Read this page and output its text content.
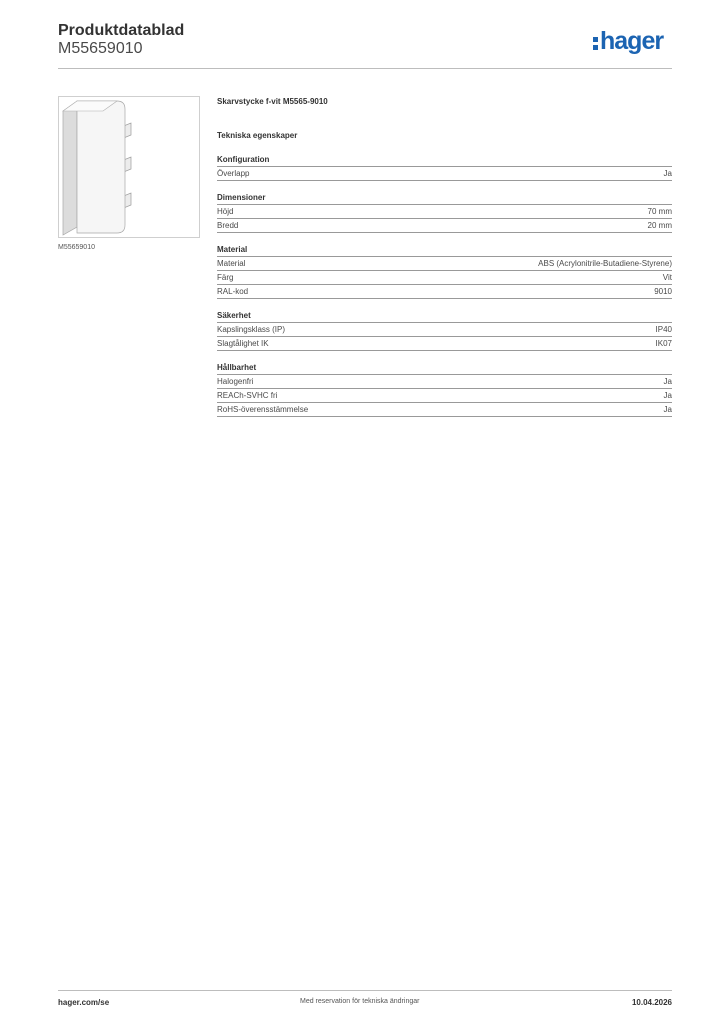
Produktdatablad
M55659010	hager
M55659010
Skarvstycke f-vit M5565-9010
Tekniska egenskaper
Konfiguration
Överlapp	Ja
Dimensioner
Höjd	70 mm
Bredd	20 mm
Material
Material	ABS (Acrylonitrile-Butadiene-Styrene)
Färg	Vit
RAL-kod	9010
Säkerhet
Kapslingsklass (IP)	IP40
Slagtålighet IK	IK07
Hållbarhet
Halogenfri	Ja
REACh-SVHC fri	Ja
RoHS-överensstämmelse	Ja
hager.com/se	Med reservation för tekniska ändringar	10.04.2026
